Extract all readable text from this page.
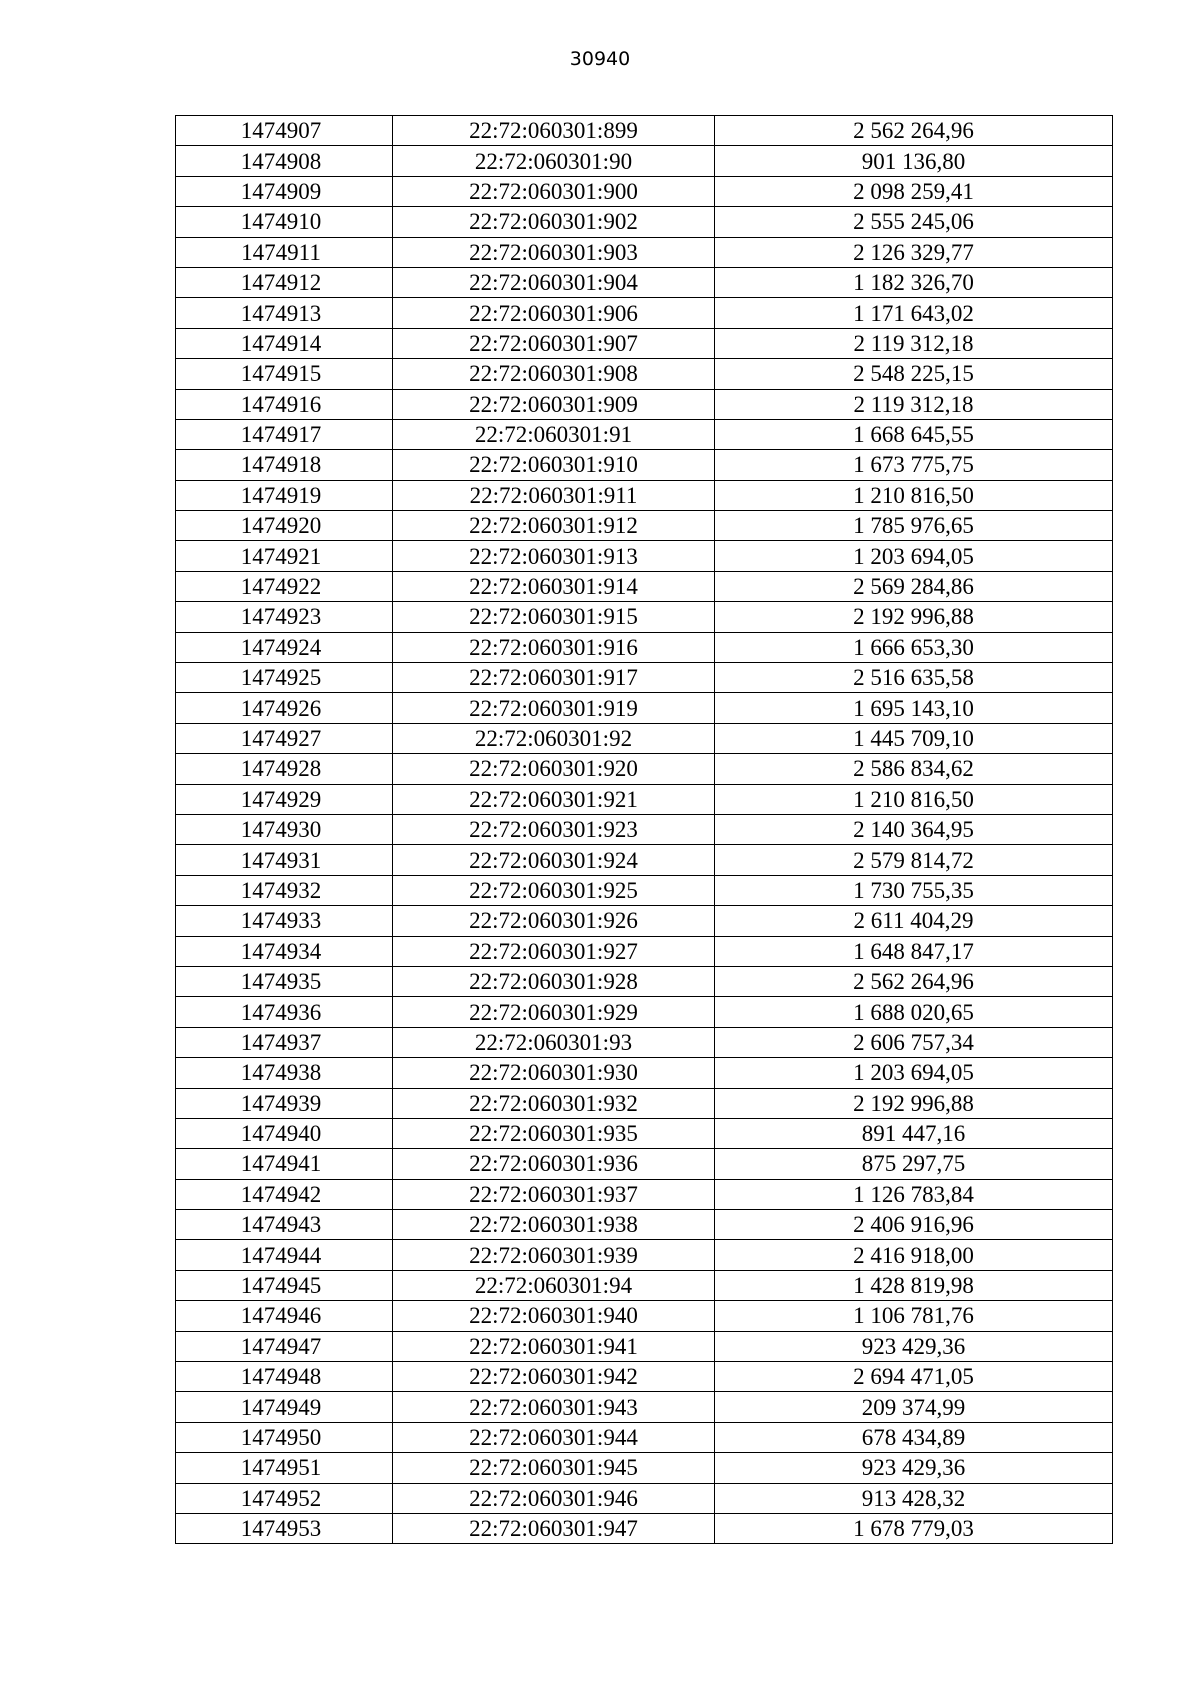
30940
1474907	22:72:060301:899	2 562 264,96
1474908	22:72:060301:90	901 136,80
1474909	22:72:060301:900	2 098 259,41
1474910	22:72:060301:902	2 555 245,06
1474911	22:72:060301:903	2 126 329,77
1474912	22:72:060301:904	1 182 326,70
1474913	22:72:060301:906	1 171 643,02
1474914	22:72:060301:907	2 119 312,18
1474915	22:72:060301:908	2 548 225,15
1474916	22:72:060301:909	2 119 312,18
1474917	22:72:060301:91	1 668 645,55
1474918	22:72:060301:910	1 673 775,75
1474919	22:72:060301:911	1 210 816,50
1474920	22:72:060301:912	1 785 976,65
1474921	22:72:060301:913	1 203 694,05
1474922	22:72:060301:914	2 569 284,86
1474923	22:72:060301:915	2 192 996,88
1474924	22:72:060301:916	1 666 653,30
1474925	22:72:060301:917	2 516 635,58
1474926	22:72:060301:919	1 695 143,10
1474927	22:72:060301:92	1 445 709,10
1474928	22:72:060301:920	2 586 834,62
1474929	22:72:060301:921	1 210 816,50
1474930	22:72:060301:923	2 140 364,95
1474931	22:72:060301:924	2 579 814,72
1474932	22:72:060301:925	1 730 755,35
1474933	22:72:060301:926	2 611 404,29
1474934	22:72:060301:927	1 648 847,17
1474935	22:72:060301:928	2 562 264,96
1474936	22:72:060301:929	1 688 020,65
1474937	22:72:060301:93	2 606 757,34
1474938	22:72:060301:930	1 203 694,05
1474939	22:72:060301:932	2 192 996,88
1474940	22:72:060301:935	891 447,16
1474941	22:72:060301:936	875 297,75
1474942	22:72:060301:937	1 126 783,84
1474943	22:72:060301:938	2 406 916,96
1474944	22:72:060301:939	2 416 918,00
1474945	22:72:060301:94	1 428 819,98
1474946	22:72:060301:940	1 106 781,76
1474947	22:72:060301:941	923 429,36
1474948	22:72:060301:942	2 694 471,05
1474949	22:72:060301:943	209 374,99
1474950	22:72:060301:944	678 434,89
1474951	22:72:060301:945	923 429,36
1474952	22:72:060301:946	913 428,32
1474953	22:72:060301:947	1 678 779,03
